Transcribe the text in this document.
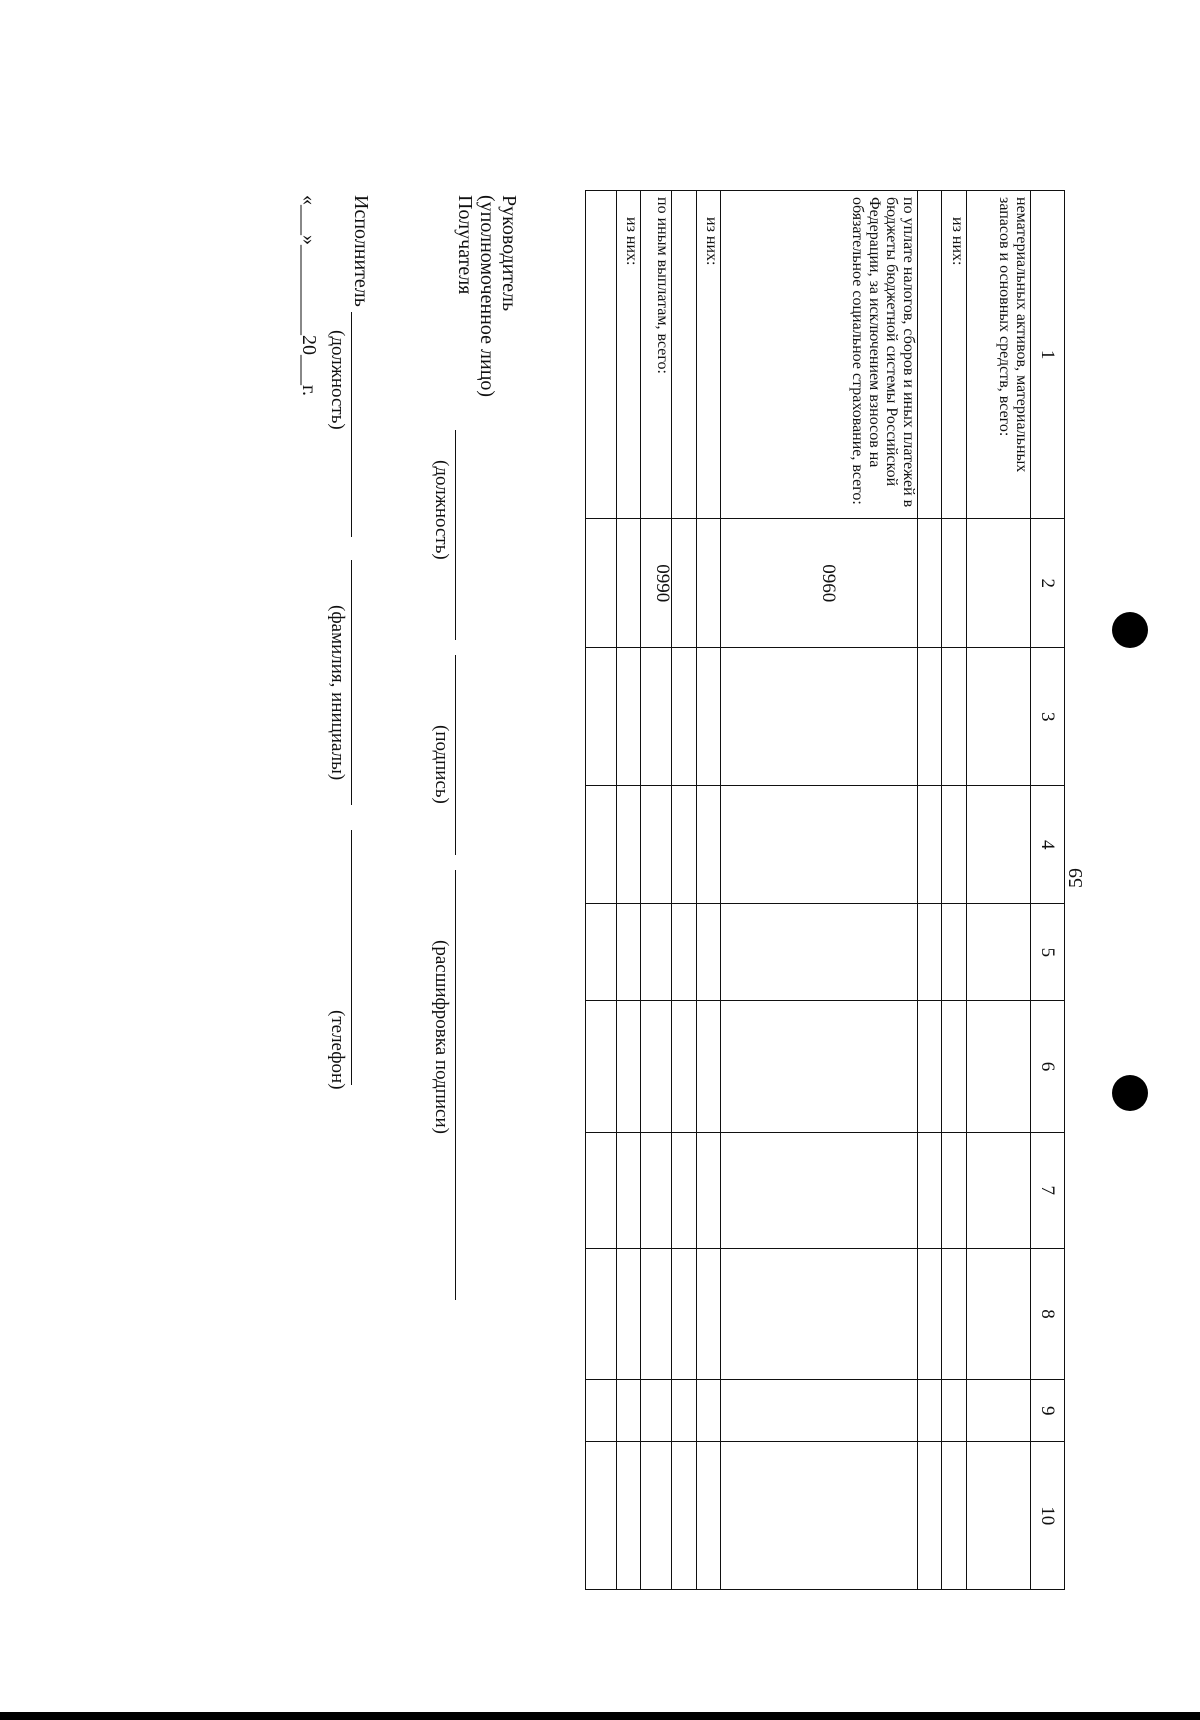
59
1	2	3	4	5	6	7	8	9	10
нематериальных активов, материальных запасов и основных средств, всего:									
из них:									

по уплате налогов, сборов и иных платежей в бюджеты бюджетной системы Российской Федерации, за исключением взносов на обязательное социальное страхование, всего:	0960								
из них:									

по иным выплатам, всего:	0990								
из них:									

Руководитель
(уполномоченное лицо)
Получателя
(должность)
(подпись)
(расшифровка подписи)
Исполнитель
(должность)
(фамилия, инициалы)
(телефон)
«___»_________20___г.
